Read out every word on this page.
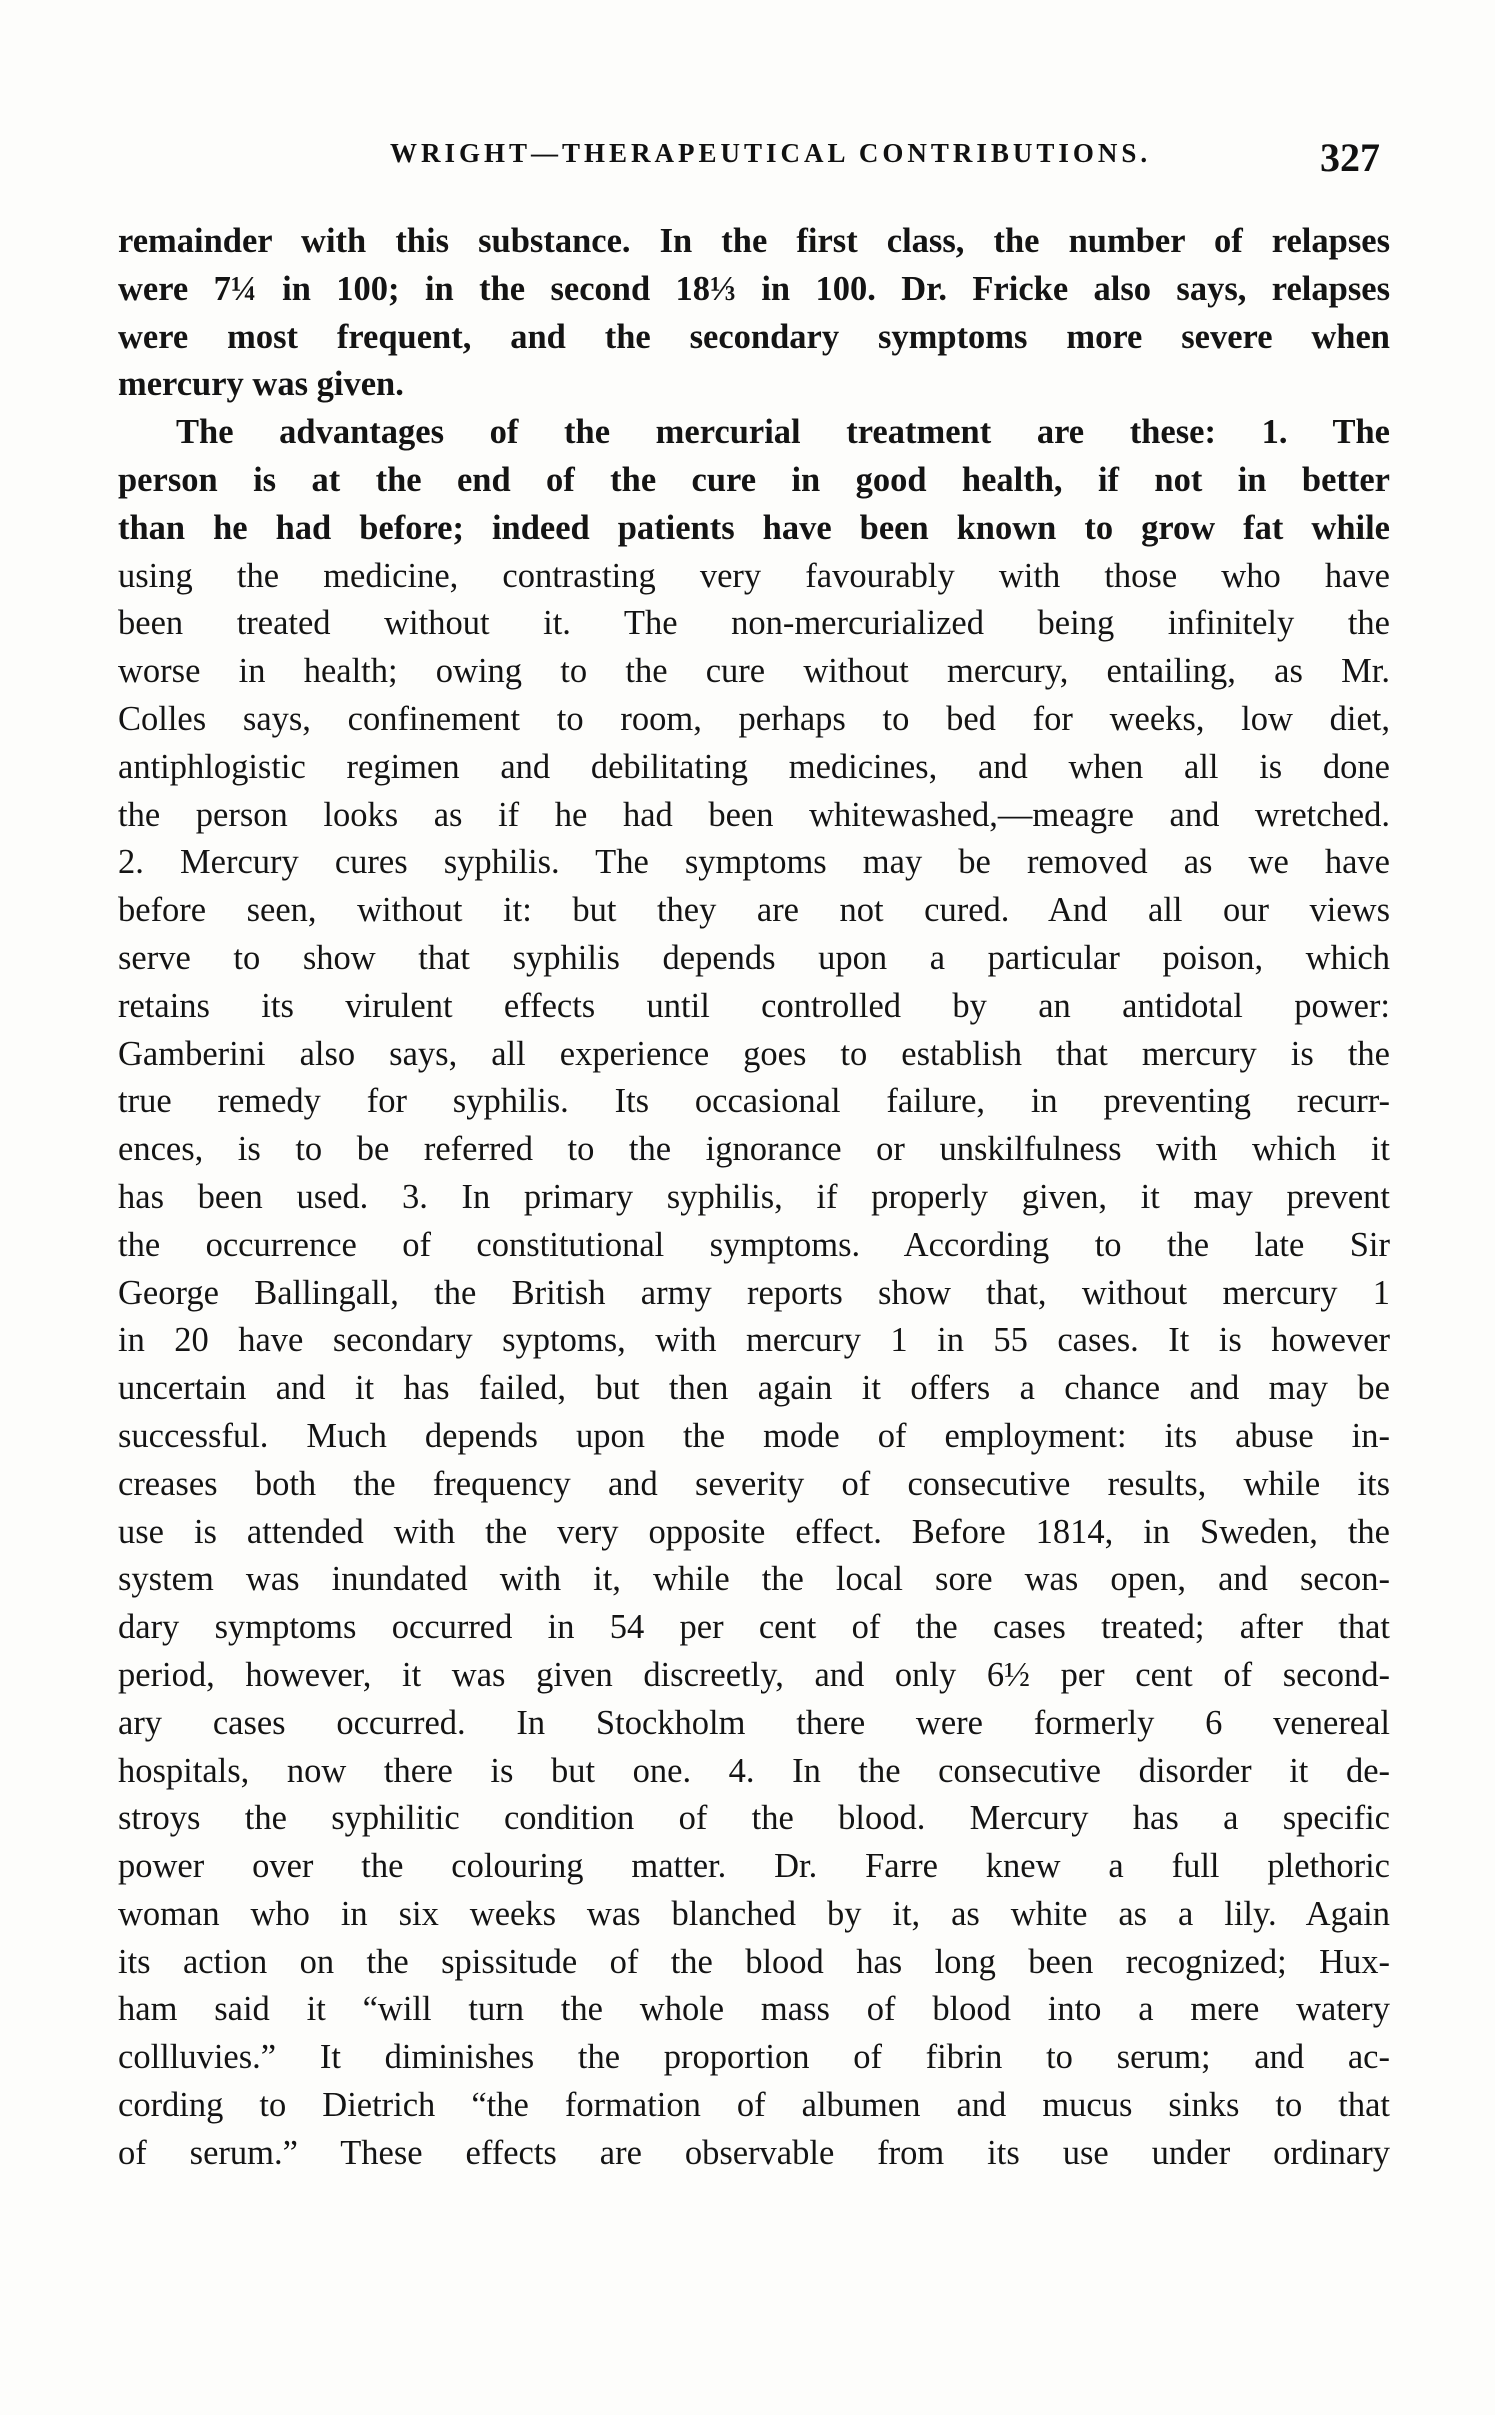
WRIGHT—THERAPEUTICAL CONTRIBUTIONS.	327
remainder with this substance. In the first class, the number of relapses
were 7¼ in 100; in the second 18⅓ in 100. Dr. Fricke also says, relapses
were most frequent, and the secondary symptoms more severe when
mercury was given.
The advantages of the mercurial treatment are these: 1. The
person is at the end of the cure in good health, if not in better
than he had before; indeed patients have been known to grow fat while
using the medicine, contrasting very favourably with those who have
been treated without it. The non-mercurialized being infinitely the
worse in health; owing to the cure without mercury, entailing, as Mr.
Colles says, confinement to room, perhaps to bed for weeks, low diet,
antiphlogistic regimen and debilitating medicines, and when all is done
the person looks as if he had been whitewashed,—meagre and wretched.
2. Mercury cures syphilis. The symptoms may be removed as we have
before seen, without it: but they are not cured. And all our views
serve to show that syphilis depends upon a particular poison, which
retains its virulent effects until controlled by an antidotal power:
Gamberini also says, all experience goes to establish that mercury is the
true remedy for syphilis. Its occasional failure, in preventing recurr-
ences, is to be referred to the ignorance or unskilfulness with which it
has been used. 3. In primary syphilis, if properly given, it may prevent
the occurrence of constitutional symptoms. According to the late Sir
George Ballingall, the British army reports show that, without mercury 1
in 20 have secondary syptoms, with mercury 1 in 55 cases. It is however
uncertain and it has failed, but then again it offers a chance and may be
successful. Much depends upon the mode of employment: its abuse in-
creases both the frequency and severity of consecutive results, while its
use is attended with the very opposite effect. Before 1814, in Sweden, the
system was inundated with it, while the local sore was open, and secon-
dary symptoms occurred in 54 per cent of the cases treated; after that
period, however, it was given discreetly, and only 6½ per cent of second-
ary cases occurred. In Stockholm there were formerly 6 venereal
hospitals, now there is but one. 4. In the consecutive disorder it de-
stroys the syphilitic condition of the blood. Mercury has a specific
power over the colouring matter. Dr. Farre knew a full plethoric
woman who in six weeks was blanched by it, as white as a lily. Again
its action on the spissitude of the blood has long been recognized; Hux-
ham said it “will turn the whole mass of blood into a mere watery
collluvies.” It diminishes the proportion of fibrin to serum; and ac-
cording to Dietrich “the formation of albumen and mucus sinks to that
of serum.” These effects are observable from its use under ordinary
